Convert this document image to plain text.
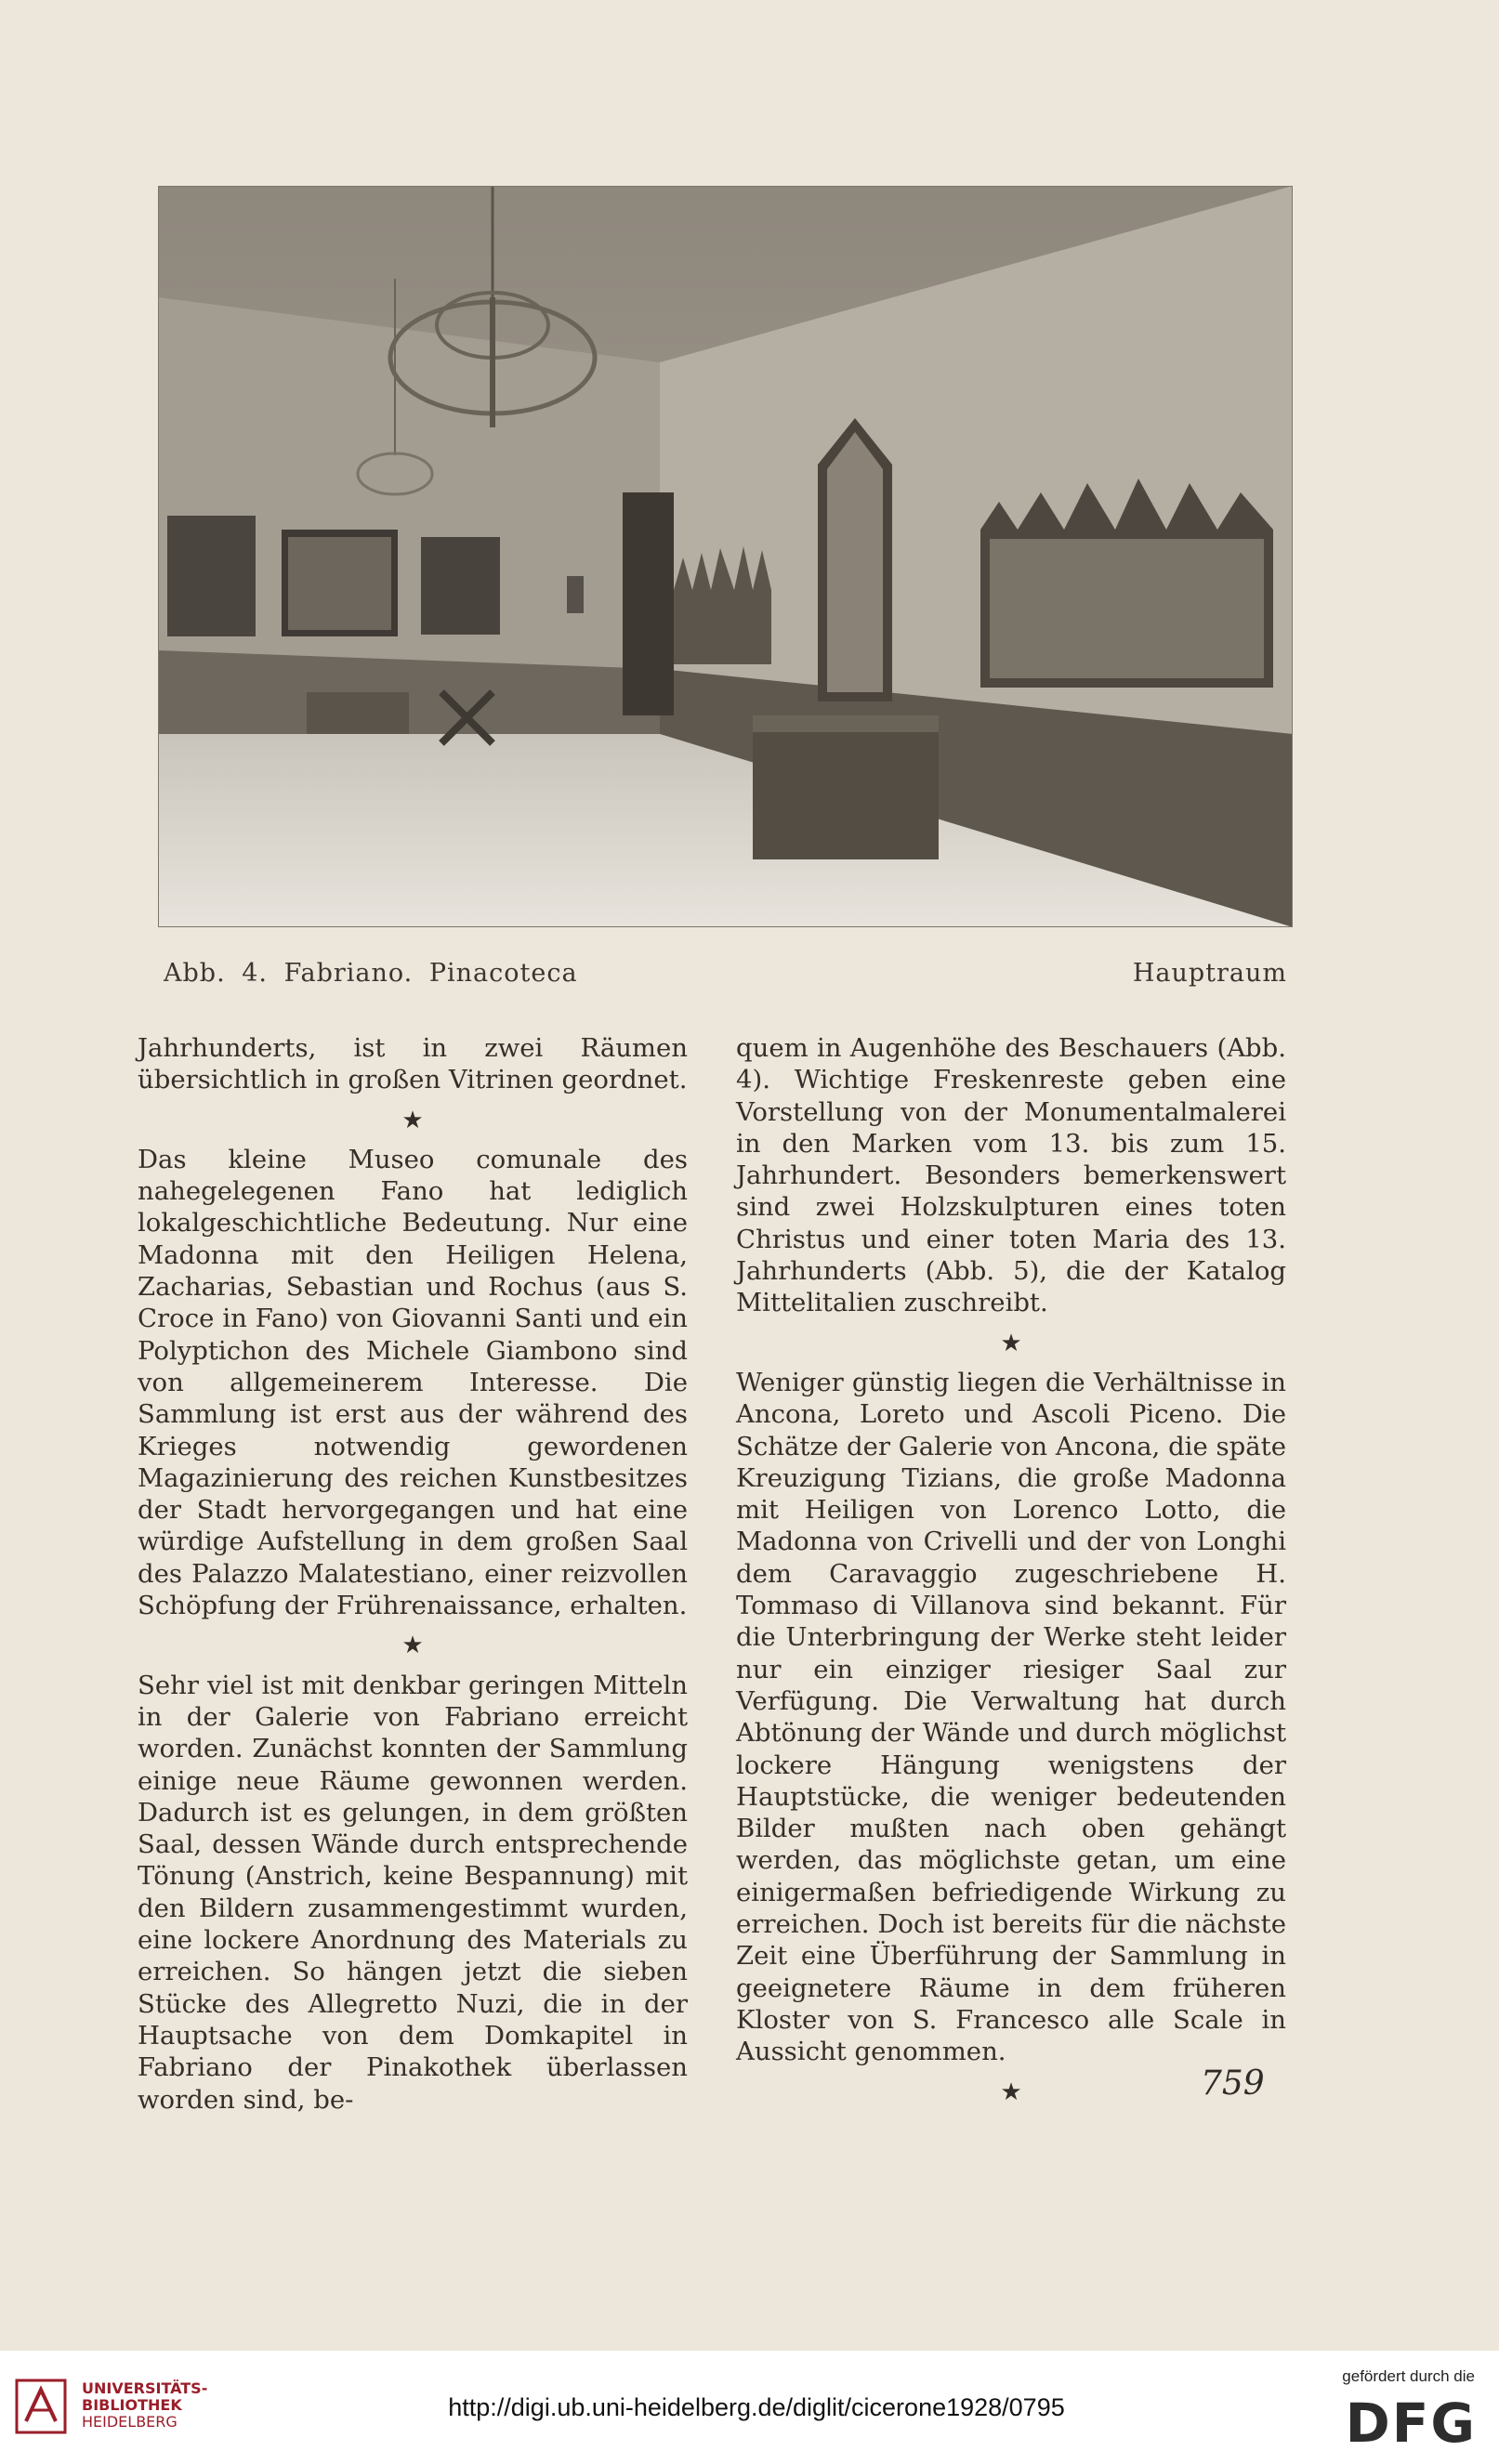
Abb. 4. Fabriano. Pinacoteca	Hauptraum

Jahrhunderts, ist in zwei Räumen übersichtlich in großen Vitrinen geordnet.

★

Das kleine Museo comunale des nahegelegenen Fano hat lediglich lokalgeschichtliche Bedeutung. Nur eine Madonna mit den Heiligen Helena, Zacharias, Sebastian und Rochus (aus S. Croce in Fano) von Giovanni Santi und ein Polyptichon des Michele Giambono sind von allgemeinerem Interesse. Die Sammlung ist erst aus der während des Krieges notwendig gewordenen Magazinierung des reichen Kunstbesitzes der Stadt hervorgegangen und hat eine würdige Aufstellung in dem großen Saal des Palazzo Malatestiano, einer reizvollen Schöpfung der Frührenaissance, erhalten.

★

Sehr viel ist mit denkbar geringen Mitteln in der Galerie von Fabriano erreicht worden. Zunächst konnten der Sammlung einige neue Räume gewonnen werden. Dadurch ist es gelungen, in dem größten Saal, dessen Wände durch entsprechende Tönung (Anstrich, keine Bespannung) mit den Bildern zusammengestimmt wurden, eine lockere Anordnung des Materials zu erreichen. So hängen jetzt die sieben Stücke des Allegretto Nuzi, die in der Hauptsache von dem Domkapitel in Fabriano der Pinakothek überlassen worden sind, be-

quem in Augenhöhe des Beschauers (Abb. 4). Wichtige Freskenreste geben eine Vorstellung von der Monumentalmalerei in den Marken vom 13. bis zum 15. Jahrhundert. Besonders bemerkenswert sind zwei Holzskulpturen eines toten Christus und einer toten Maria des 13. Jahrhunderts (Abb. 5), die der Katalog Mittelitalien zuschreibt.

★

Weniger günstig liegen die Verhältnisse in Ancona, Loreto und Ascoli Piceno. Die Schätze der Galerie von Ancona, die späte Kreuzigung Tizians, die große Madonna mit Heiligen von Lorenco Lotto, die Madonna von Crivelli und der von Longhi dem Caravaggio zugeschriebene H. Tommaso di Villanova sind bekannt. Für die Unterbringung der Werke steht leider nur ein einziger riesiger Saal zur Verfügung. Die Verwaltung hat durch Abtönung der Wände und durch möglichst lockere Hängung wenigstens der Hauptstücke, die weniger bedeutenden Bilder mußten nach oben gehängt werden, das möglichste getan, um eine einigermaßen befriedigende Wirkung zu erreichen. Doch ist bereits für die nächste Zeit eine Überführung der Sammlung in geeignetere Räume in dem früheren Kloster von S. Francesco alle Scale in Aussicht genommen.

★	759
UNIVERSITÄTS-
BIBLIOTHEK
HEIDELBERG
http://digi.ub.uni-heidelberg.de/diglit/cicerone1928/0795
gefördert durch die
DFG
